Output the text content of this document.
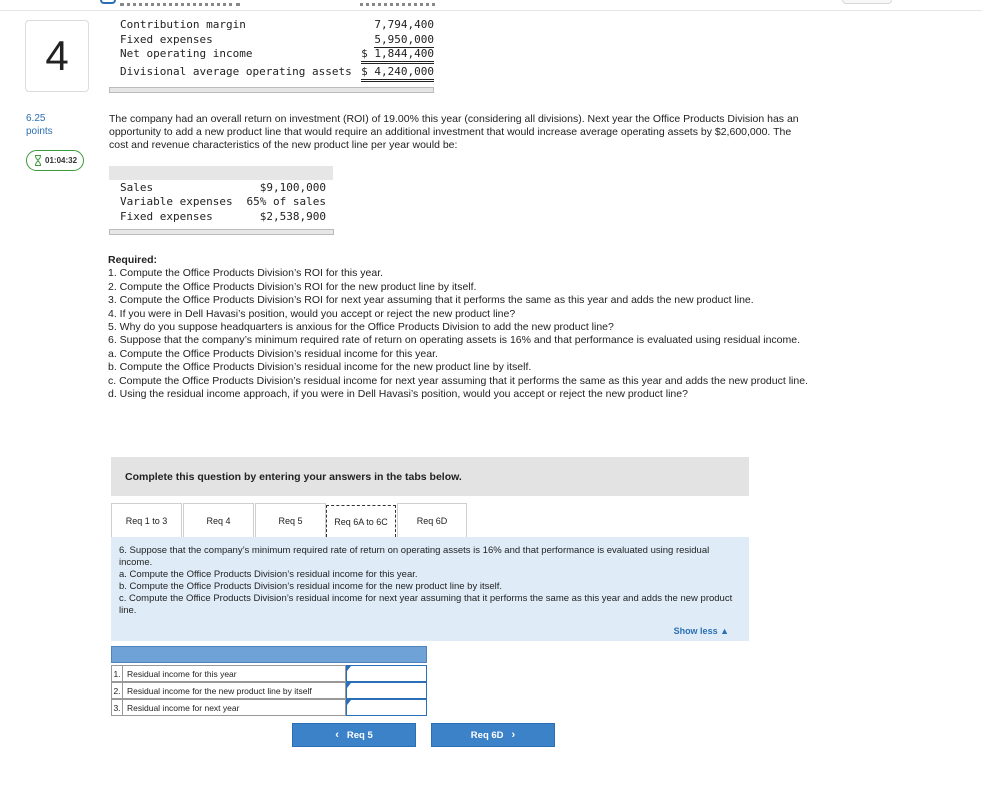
4
6.25
points
01:04:32
Contribution margin	7,794,400
Fixed expenses	5,950,000
Net operating income	$ 1,844,400
Divisional average operating assets $ 4,240,000
The company had an overall return on investment (ROI) of 19.00% this year (considering all divisions). Next year the Office Products Division has an opportunity to add a new product line that would require an additional investment that would increase average operating assets by $2,600,000. The cost and revenue characteristics of the new product line per year would be:
Sales	$9,100,000
Variable expenses 65% of sales
Fixed expenses	$2,538,900
Required:
1. Compute the Office Products Division’s ROI for this year.
2. Compute the Office Products Division’s ROI for the new product line by itself.
3. Compute the Office Products Division’s ROI for next year assuming that it performs the same as this year and adds the new product line.
4. If you were in Dell Havasi’s position, would you accept or reject the new product line?
5. Why do you suppose headquarters is anxious for the Office Products Division to add the new product line?
6. Suppose that the company’s minimum required rate of return on operating assets is 16% and that performance is evaluated using residual income.
a. Compute the Office Products Division’s residual income for this year.
b. Compute the Office Products Division’s residual income for the new product line by itself.
c. Compute the Office Products Division’s residual income for next year assuming that it performs the same as this year and adds the new product line.
d. Using the residual income approach, if you were in Dell Havasi’s position, would you accept or reject the new product line?
Complete this question by entering your answers in the tabs below.
Req 1 to 3	Req 4	Req 5	Req 6A to 6C	Req 6D
6. Suppose that the company’s minimum required rate of return on operating assets is 16% and that performance is evaluated using residual income.
a. Compute the Office Products Division’s residual income for this year.
b. Compute the Office Products Division’s residual income for the new product line by itself.
c. Compute the Office Products Division’s residual income for next year assuming that it performs the same as this year and adds the new product line.
Show less ▲
1. Residual income for this year
2. Residual income for the new product line by itself
3. Residual income for next year
‹ Req 5	Req 6D ›
